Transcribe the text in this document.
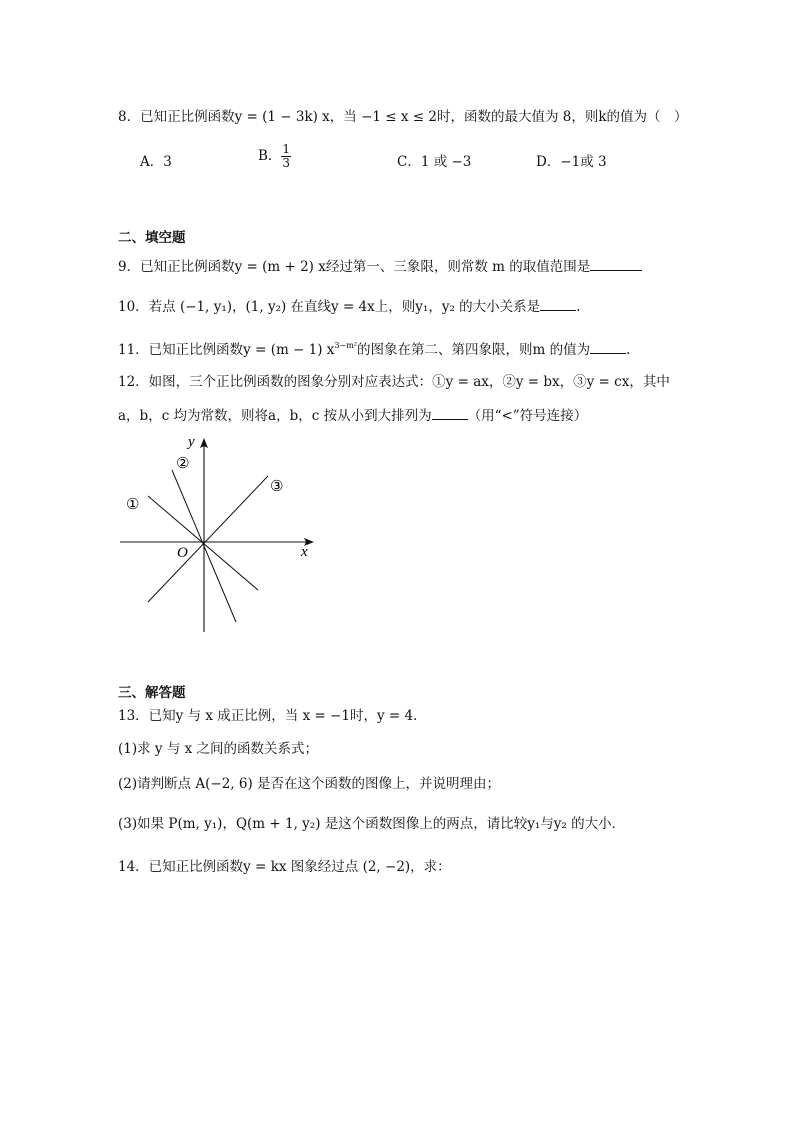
8．已知正比例函数y = (1 − 3k) x，当 −1 ≤ x ≤ 2时，函数的最大值为 8，则k的值为（　）
A．3	B． $\frac{1}{3}$	C．1 或 −3	D．−1或 3
二、填空题
9．已知正比例函数y = (m + 2) x经过第一、三象限，则常数 m 的取值范围是
10．若点 (−1, y₁)，(1, y₂) 在直线y = 4x上，则y₁，y₂ 的大小关系是	.
11．已知正比例函数y = (m − 1) $x^{3-m^2}$的图象在第二、第四象限，则m 的值为	.
12．如图，三个正比例函数的图象分别对应表达式：①y = ax，②y = bx，③y = cx，其中
a，b，c 均为常数，则将a，b，c 按从小到大排列为	（用“<”符号连接）
y
x
O
①
②
③
三、解答题
13．已知y 与 x 成正比例，当 x = −1时，y = 4．
(1)求 y 与 x 之间的函数关系式；
(2)请判断点 A(−2, 6) 是否在这个函数的图像上，并说明理由；
(3)如果 P(m, y₁)，Q(m + 1, y₂) 是这个函数图像上的两点，请比较y₁与y₂ 的大小．
14．已知正比例函数y = kx 图象经过点 (2, −2)，求：
